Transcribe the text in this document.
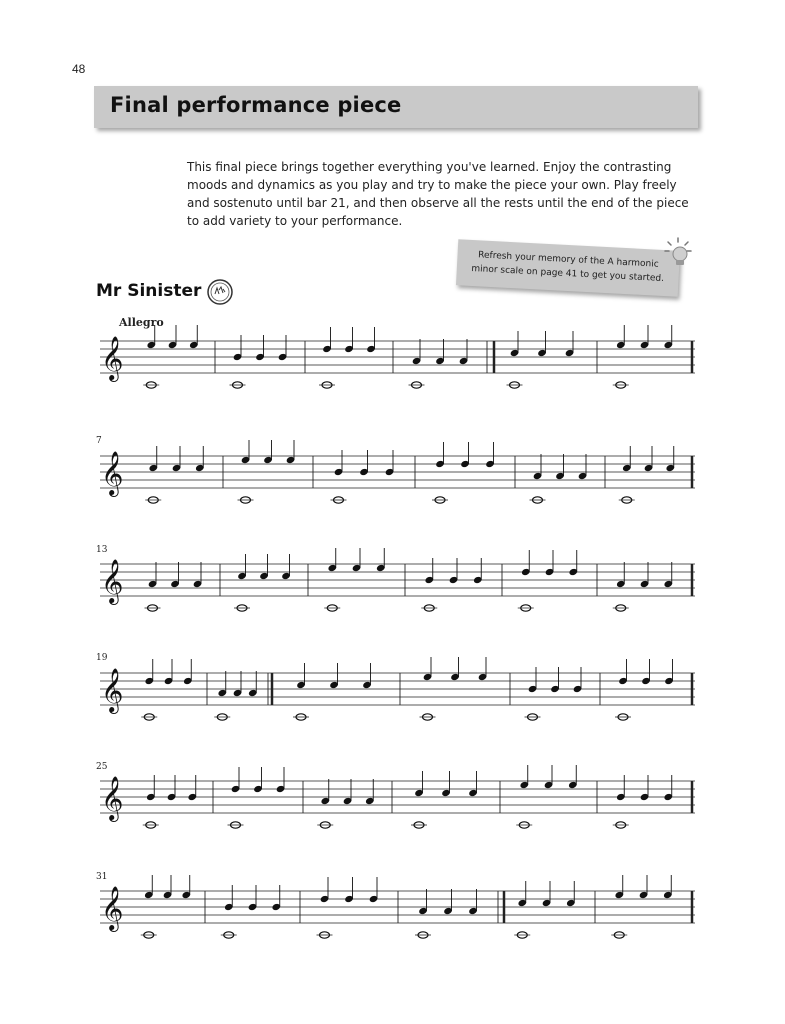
48
Final performance piece

This final piece brings together everything you've learned. Enjoy the contrasting moods and dynamics as you play and try to make the piece your own. Play freely and sostenuto until bar 21, and then observe all the rests until the end of the piece to add variety to your performance.

Refresh your memory of the A harmonic
minor scale on page 41 to get you started.
Mr Sinister
Allegro
7
13
19
25
31
𝄞
𝄞
𝄞
𝄞
𝄞
𝄞
